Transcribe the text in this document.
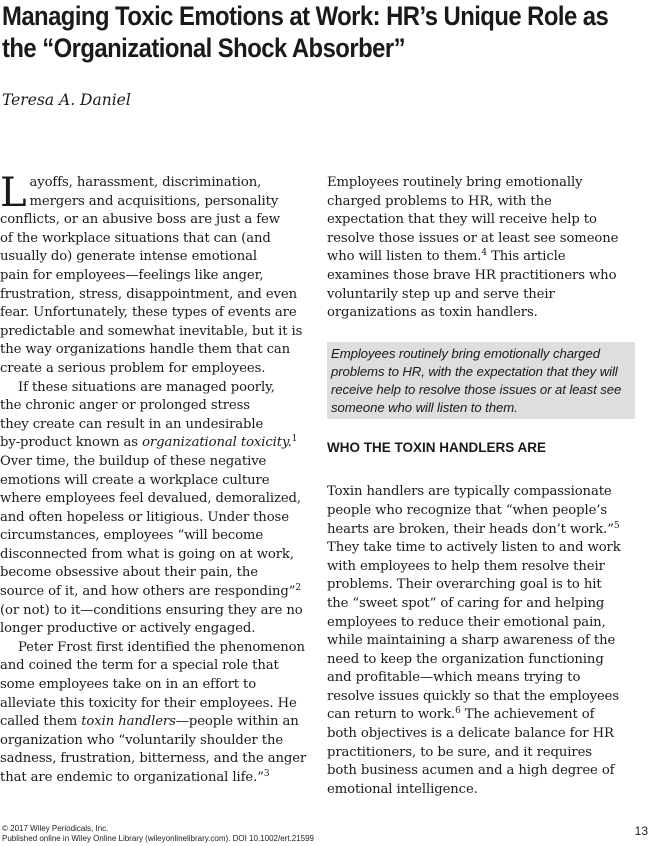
Managing Toxic Emotions at Work: HR’s Unique Role as
the “Organizational Shock Absorber”

Teresa A. Daniel

L ayoffs, harassment, discrimination,
mergers and acquisitions, personality
conflicts, or an abusive boss are just a few
of the workplace situations that can (and
usually do) generate intense emotional
pain for employees—feelings like anger,
frustration, stress, disappointment, and even
fear. Unfortunately, these types of events are
predictable and somewhat inevitable, but it is
the way organizations handle them that can
create a serious problem for employees.
If these situations are managed poorly,
the chronic anger or prolonged stress
they create can result in an undesirable
by-product known as organizational toxicity.$^1$
Over time, the buildup of these negative
emotions will create a workplace culture
where employees feel devalued, demoralized,
and often hopeless or litigious. Under those
circumstances, employees “will become
disconnected from what is going on at work,
become obsessive about their pain, the
source of it, and how others are responding”$^2$
(or not) to it—conditions ensuring they are no
longer productive or actively engaged.
Peter Frost first identified the phenomenon
and coined the term for a special role that
some employees take on in an effort to
alleviate this toxicity for their employees. He
called them toxin handlers—people within an
organization who “voluntarily shoulder the
sadness, frustration, bitterness, and the anger
that are endemic to organizational life.”$^3$
Employees routinely bring emotionally
charged problems to HR, with the
expectation that they will receive help to
resolve those issues or at least see someone
who will listen to them.$^4$ This article
examines those brave HR practitioners who
voluntarily step up and serve their
organizations as toxin handlers.
Employees routinely bring emotionally charged
problems to HR, with the expectation that they will
receive help to resolve those issues or at least see
someone who will listen to them.
WHO THE TOXIN HANDLERS ARE
Toxin handlers are typically compassionate
people who recognize that “when people’s
hearts are broken, their heads don’t work.”$^5$
They take time to actively listen to and work
with employees to help them resolve their
problems. Their overarching goal is to hit
the “sweet spot” of caring for and helping
employees to reduce their emotional pain,
while maintaining a sharp awareness of the
need to keep the organization functioning
and profitable—which means trying to
resolve issues quickly so that the employees
can return to work.$^6$ The achievement of
both objectives is a delicate balance for HR
practitioners, to be sure, and it requires
both business acumen and a high degree of
emotional intelligence.
© 2017 Wiley Periodicals, Inc.
Published online in Wiley Online Library (wileyonlinelibrary.com). DOI 10.1002/ert.21599
13
